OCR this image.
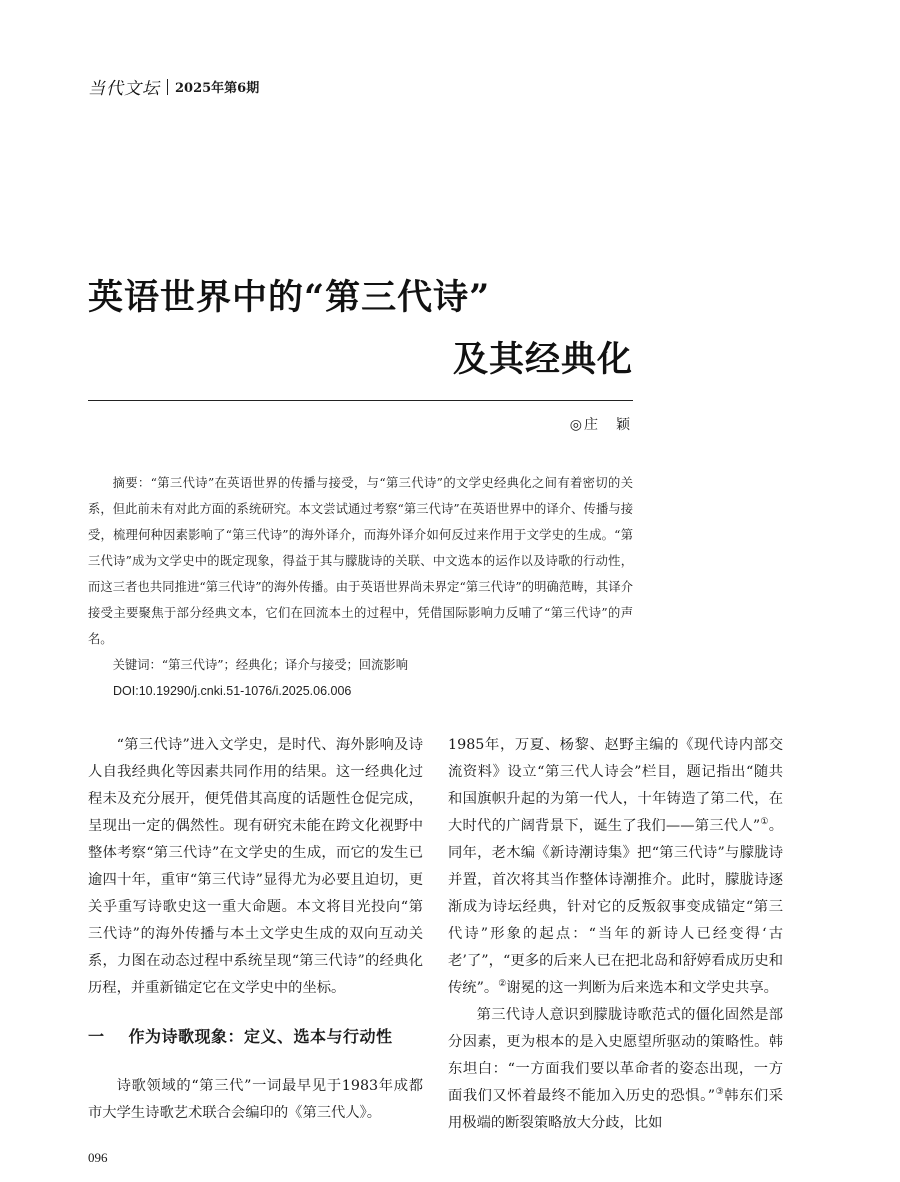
当代文坛 2025年第6期
英语世界中的“第三代诗”
及其经典化
◎庄　颖

摘要：“第三代诗”在英语世界的传播与接受，与“第三代诗”的文学史经典化之间有着密切的关系，但此前未有对此方面的系统研究。本文尝试通过考察“第三代诗”在英语世界中的译介、传播与接受，梳理何种因素影响了“第三代诗”的海外译介，而海外译介如何反过来作用于文学史的生成。“第三代诗”成为文学史中的既定现象，得益于其与朦胧诗的关联、中文选本的运作以及诗歌的行动性，而这三者也共同推进“第三代诗”的海外传播。由于英语世界尚未界定“第三代诗”的明确范畴，其译介接受主要聚焦于部分经典文本，它们在回流本土的过程中，凭借国际影响力反哺了“第三代诗”的声名。

关键词：“第三代诗”；经典化；译介与接受；回流影响

DOI:10.19290/j.cnki.51-1076/i.2025.06.006

“第三代诗”进入文学史，是时代、海外影响及诗人自我经典化等因素共同作用的结果。这一经典化过程未及充分展开，便凭借其高度的话题性仓促完成，呈现出一定的偶然性。现有研究未能在跨文化视野中整体考察“第三代诗”在文学史的生成，而它的发生已逾四十年，重审“第三代诗”显得尤为必要且迫切，更关乎重写诗歌史这一重大命题。本文将目光投向“第三代诗”的海外传播与本土文学史生成的双向互动关系，力图在动态过程中系统呈现“第三代诗”的经典化历程，并重新锚定它在文学史中的坐标。

一 作为诗歌现象：定义、选本与行动性

诗歌领域的“第三代”一词最早见于1983年成都市大学生诗歌艺术联合会编印的《第三代人》。

1985年，万夏、杨黎、赵野主编的《现代诗内部交流资料》设立“第三代人诗会”栏目，题记指出“随共和国旗帜升起的为第一代人，十年铸造了第二代，在大时代的广阔背景下，诞生了我们——第三代人”①。同年，老木编《新诗潮诗集》把“第三代诗”与朦胧诗并置，首次将其当作整体诗潮推介。此时，朦胧诗逐渐成为诗坛经典，针对它的反叛叙事变成锚定“第三代诗”形象的起点：“当年的新诗人已经变得‘古老’了”，“更多的后来人已在把北岛和舒婷看成历史和传统”。②谢冕的这一判断为后来选本和文学史共享。

第三代诗人意识到朦胧诗歌范式的僵化固然是部分因素，更为根本的是入史愿望所驱动的策略性。韩东坦白：“一方面我们要以革命者的姿态出现，一方面我们又怀着最终不能加入历史的恐惧。”③韩东们采用极端的断裂策略放大分歧，比如

096
